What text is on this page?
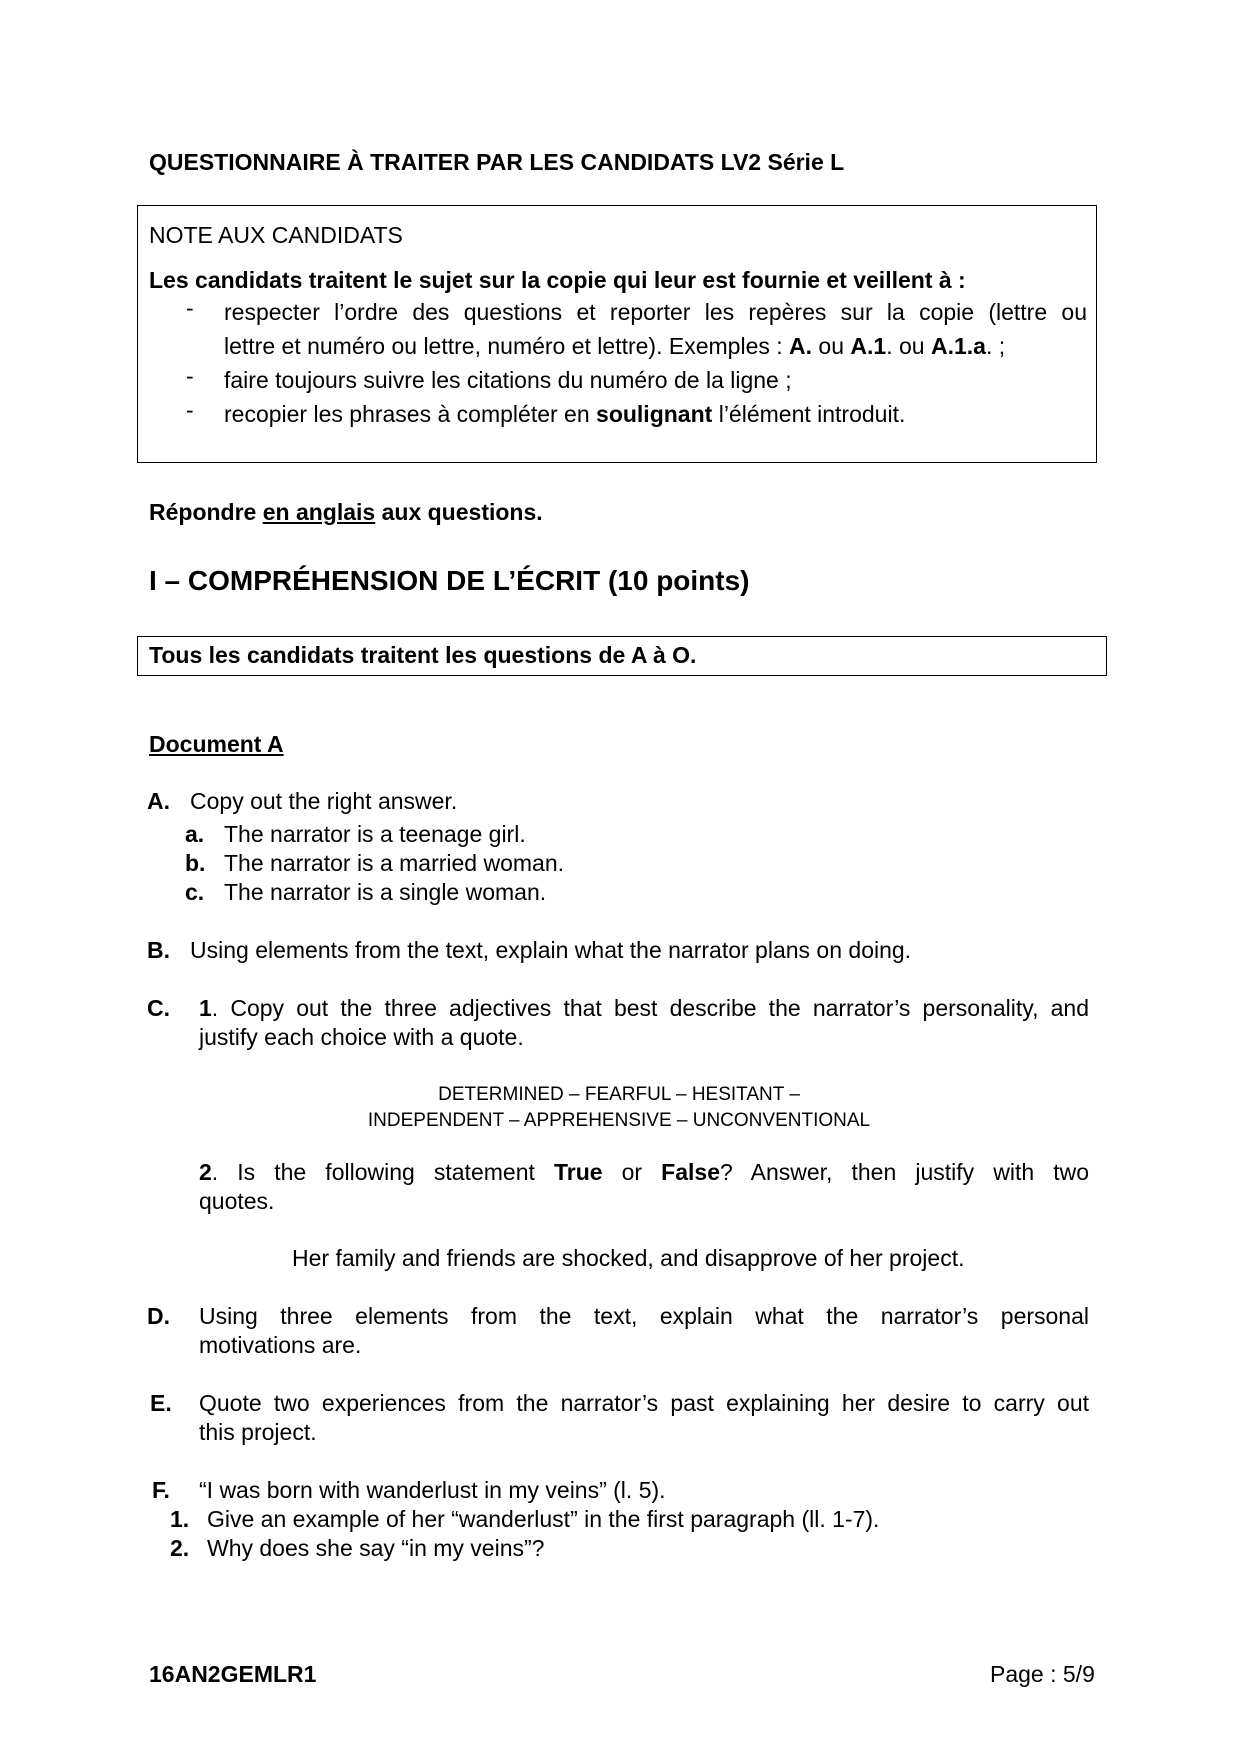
QUESTIONNAIRE À TRAITER PAR LES CANDIDATS LV2 Série L
NOTE AUX CANDIDATS
Les candidats traitent le sujet sur la copie qui leur est fournie et veillent à :
- respecter l’ordre des questions et reporter les repères sur la copie (lettre ou
lettre et numéro ou lettre, numéro et lettre). Exemples : A. ou A.1. ou A.1.a. ;
- faire toujours suivre les citations du numéro de la ligne ;
- recopier les phrases à compléter en soulignant l’élément introduit.
Répondre en anglais aux questions.
I – COMPRÉHENSION DE L’ÉCRIT (10 points)
Tous les candidats traitent les questions de A à O.
Document A
A. Copy out the right answer.
a. The narrator is a teenage girl.
b. The narrator is a married woman.
c. The narrator is a single woman.
B. Using elements from the text, explain what the narrator plans on doing.
C. 1. Copy out the three adjectives that best describe the narrator’s personality, and
justify each choice with a quote.
DETERMINED – FEARFUL – HESITANT –
INDEPENDENT – APPREHENSIVE – UNCONVENTIONAL
2. Is the following statement True or False? Answer, then justify with two
quotes.
Her family and friends are shocked, and disapprove of her project.
D. Using three elements from the text, explain what the narrator’s personal
motivations are.
E. Quote two experiences from the narrator’s past explaining her desire to carry out
this project.
F. “I was born with wanderlust in my veins” (l. 5).
1. Give an example of her “wanderlust” in the first paragraph (ll. 1-7).
2. Why does she say “in my veins”?
16AN2GEMLR1	Page : 5/9
